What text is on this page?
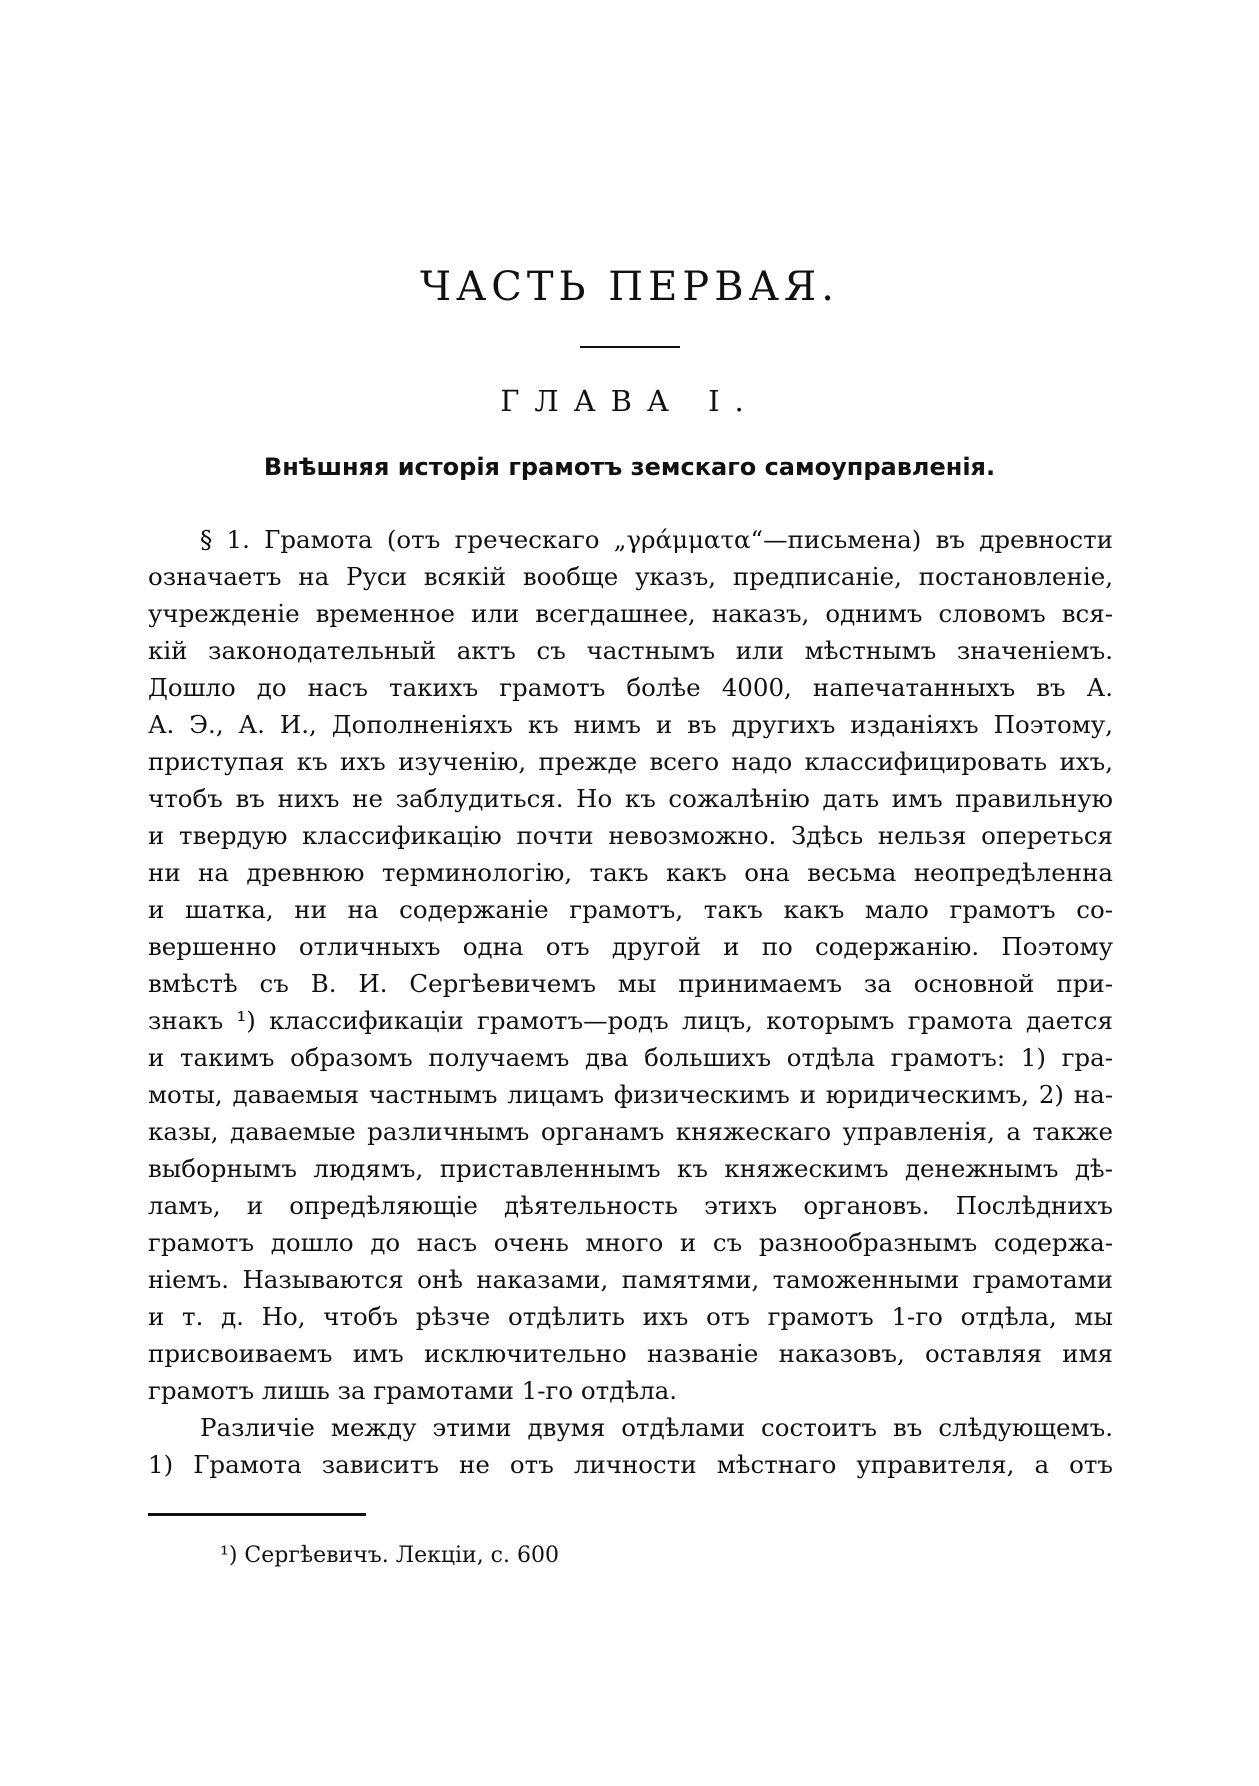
ЧАСТЬ ПЕРВАЯ.
ГЛАВА I.
Внѣшняя исторія грамотъ земскаго самоуправленія.
§ 1. Грамота (отъ греческаго „γράμματα“—письмена) въ древности
означаетъ на Руси всякій вообще указъ, предписаніе, постановленіе,
учрежденіе временное или всегдашнее, наказъ, однимъ словомъ вся-
кій законодательный актъ съ частнымъ или мѣстнымъ значеніемъ.
Дошло до насъ такихъ грамотъ болѣе 4000, напечатанныхъ въ А.
А. Э., А. И., Дополненіяхъ къ нимъ и въ другихъ изданіяхъ Поэтому,
приступая къ ихъ изученію, прежде всего надо классифицировать ихъ,
чтобъ въ нихъ не заблудиться. Но къ сожалѣнію дать имъ правильную
и твердую классификацію почти невозможно. Здѣсь нельзя опереться
ни на древнюю терминологію, такъ какъ она весьма неопредѣленна
и шатка, ни на содержаніе грамотъ, такъ какъ мало грамотъ со-
вершенно отличныхъ одна отъ другой и по содержанію. Поэтому
вмѣстѣ съ В. И. Сергѣевичемъ мы принимаемъ за основной при-
знакъ ¹) классификаціи грамотъ—родъ лицъ, которымъ грамота дается
и такимъ образомъ получаемъ два большихъ отдѣла грамотъ: 1) гра-
моты, даваемыя частнымъ лицамъ физическимъ и юридическимъ, 2) на-
казы, даваемые различнымъ органамъ княжескаго управленія, а также
выборнымъ людямъ, приставленнымъ къ княжескимъ денежнымъ дѣ-
ламъ, и опредѣляющіе дѣятельность этихъ органовъ. Послѣднихъ
грамотъ дошло до насъ очень много и съ разнообразнымъ содержа-
ніемъ. Называются онѣ наказами, памятями, таможенными грамотами
и т. д. Но, чтобъ рѣзче отдѣлить ихъ отъ грамотъ 1-го отдѣла, мы
присвоиваемъ имъ исключительно названіе наказовъ, оставляя имя
грамотъ лишь за грамотами 1-го отдѣла.
Различіе между этими двумя отдѣлами состоитъ въ слѣдующемъ.
1) Грамота зависитъ не отъ личности мѣстнаго управителя, а отъ
¹) Сергѣевичъ. Лекціи, с. 600
